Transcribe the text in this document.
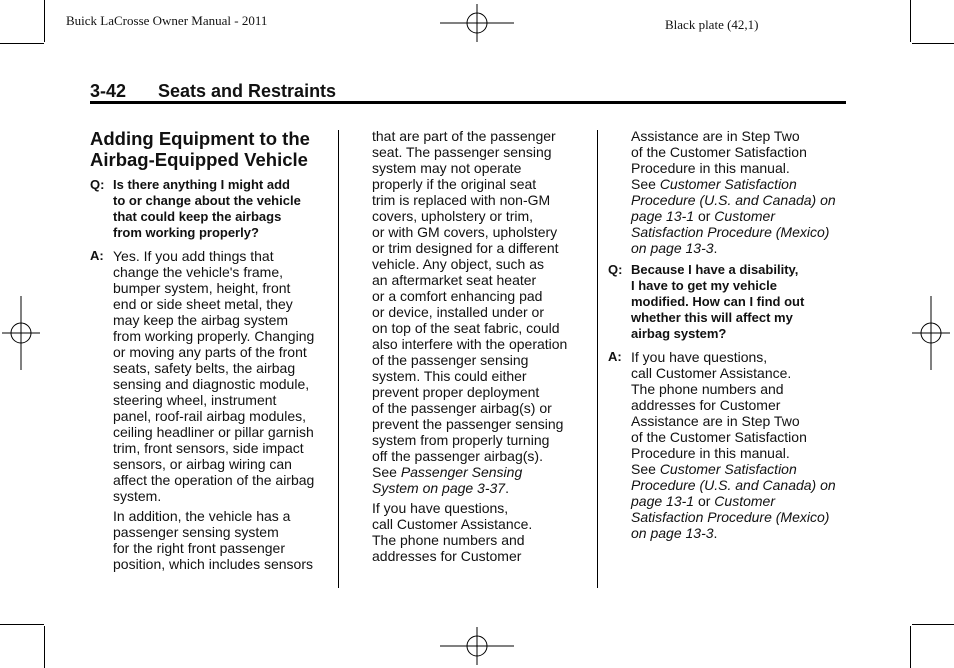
Buick LaCrosse Owner Manual - 2011	Black plate (42,1)
3-42 Seats and Restraints
Adding Equipment to the
Airbag-Equipped Vehicle
Q: Is there anything I might add
to or change about the vehicle
that could keep the airbags
from working properly?
A: Yes. If you add things that
change the vehicle's frame,
bumper system, height, front
end or side sheet metal, they
may keep the airbag system
from working properly. Changing
or moving any parts of the front
seats, safety belts, the airbag
sensing and diagnostic module,
steering wheel, instrument
panel, roof-rail airbag modules,
ceiling headliner or pillar garnish
trim, front sensors, side impact
sensors, or airbag wiring can
affect the operation of the airbag
system.
In addition, the vehicle has a
passenger sensing system
for the right front passenger
position, which includes sensors
that are part of the passenger
seat. The passenger sensing
system may not operate
properly if the original seat
trim is replaced with non-GM
covers, upholstery or trim,
or with GM covers, upholstery
or trim designed for a different
vehicle. Any object, such as
an aftermarket seat heater
or a comfort enhancing pad
or device, installed under or
on top of the seat fabric, could
also interfere with the operation
of the passenger sensing
system. This could either
prevent proper deployment
of the passenger airbag(s) or
prevent the passenger sensing
system from properly turning
off the passenger airbag(s).
See Passenger Sensing
System on page 3-37.
If you have questions,
call Customer Assistance.
The phone numbers and
addresses for Customer
Assistance are in Step Two
of the Customer Satisfaction
Procedure in this manual.
See Customer Satisfaction
Procedure (U.S. and Canada) on
page 13-1 or Customer
Satisfaction Procedure (Mexico)
on page 13-3.
Q: Because I have a disability,
I have to get my vehicle
modified. How can I find out
whether this will affect my
airbag system?
A: If you have questions,
call Customer Assistance.
The phone numbers and
addresses for Customer
Assistance are in Step Two
of the Customer Satisfaction
Procedure in this manual.
See Customer Satisfaction
Procedure (U.S. and Canada) on
page 13-1 or Customer
Satisfaction Procedure (Mexico)
on page 13-3.
